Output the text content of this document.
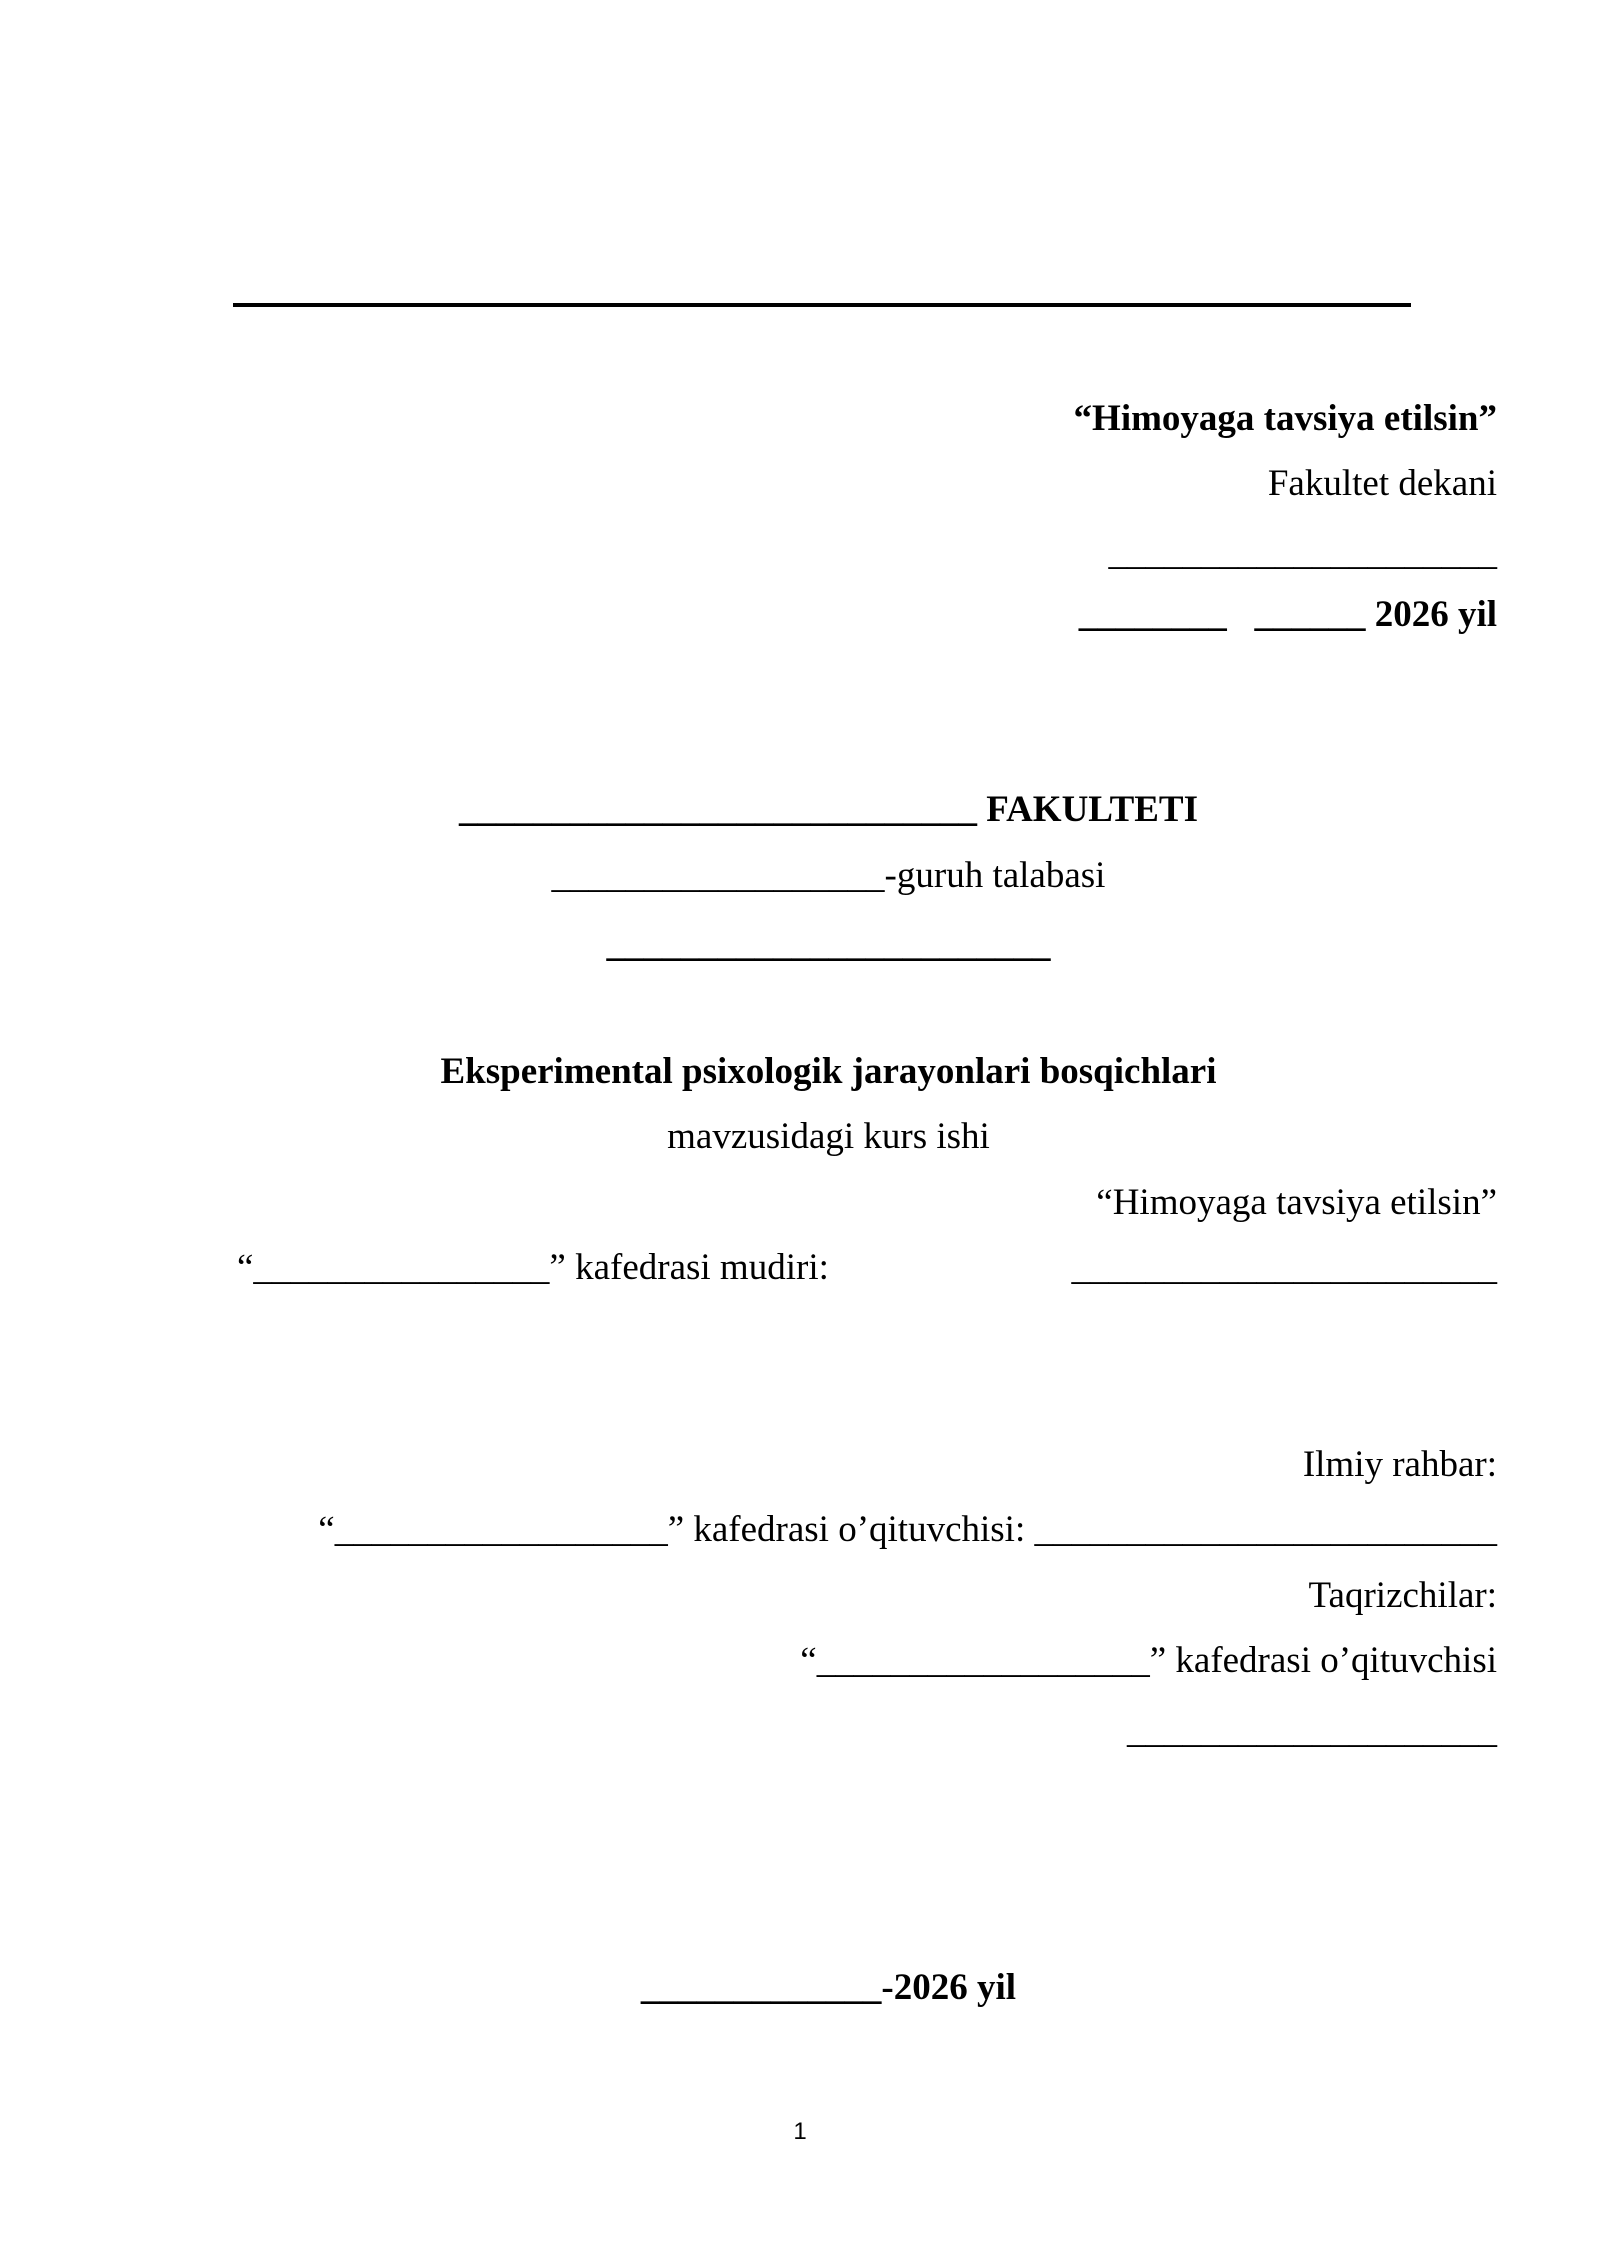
“Himoyaga tavsiya etilsin”
Fakultet dekani
_____________________
________   ______ 2026 yil
____________________________ FAKULTETI
__________________-guruh talabasi
________________________
Eksperimental psixologik jarayonlari bosqichlari
mavzusidagi kurs ishi
“Himoyaga tavsiya etilsin”
“________________” kafedrasi mudiri:	_______________________
Ilmiy rahbar:
“__________________” kafedrasi o’qituvchisi: _________________________
Taqrizchilar:
“__________________” kafedrasi o’qituvchisi
____________________
_____________-2026 yil
1
